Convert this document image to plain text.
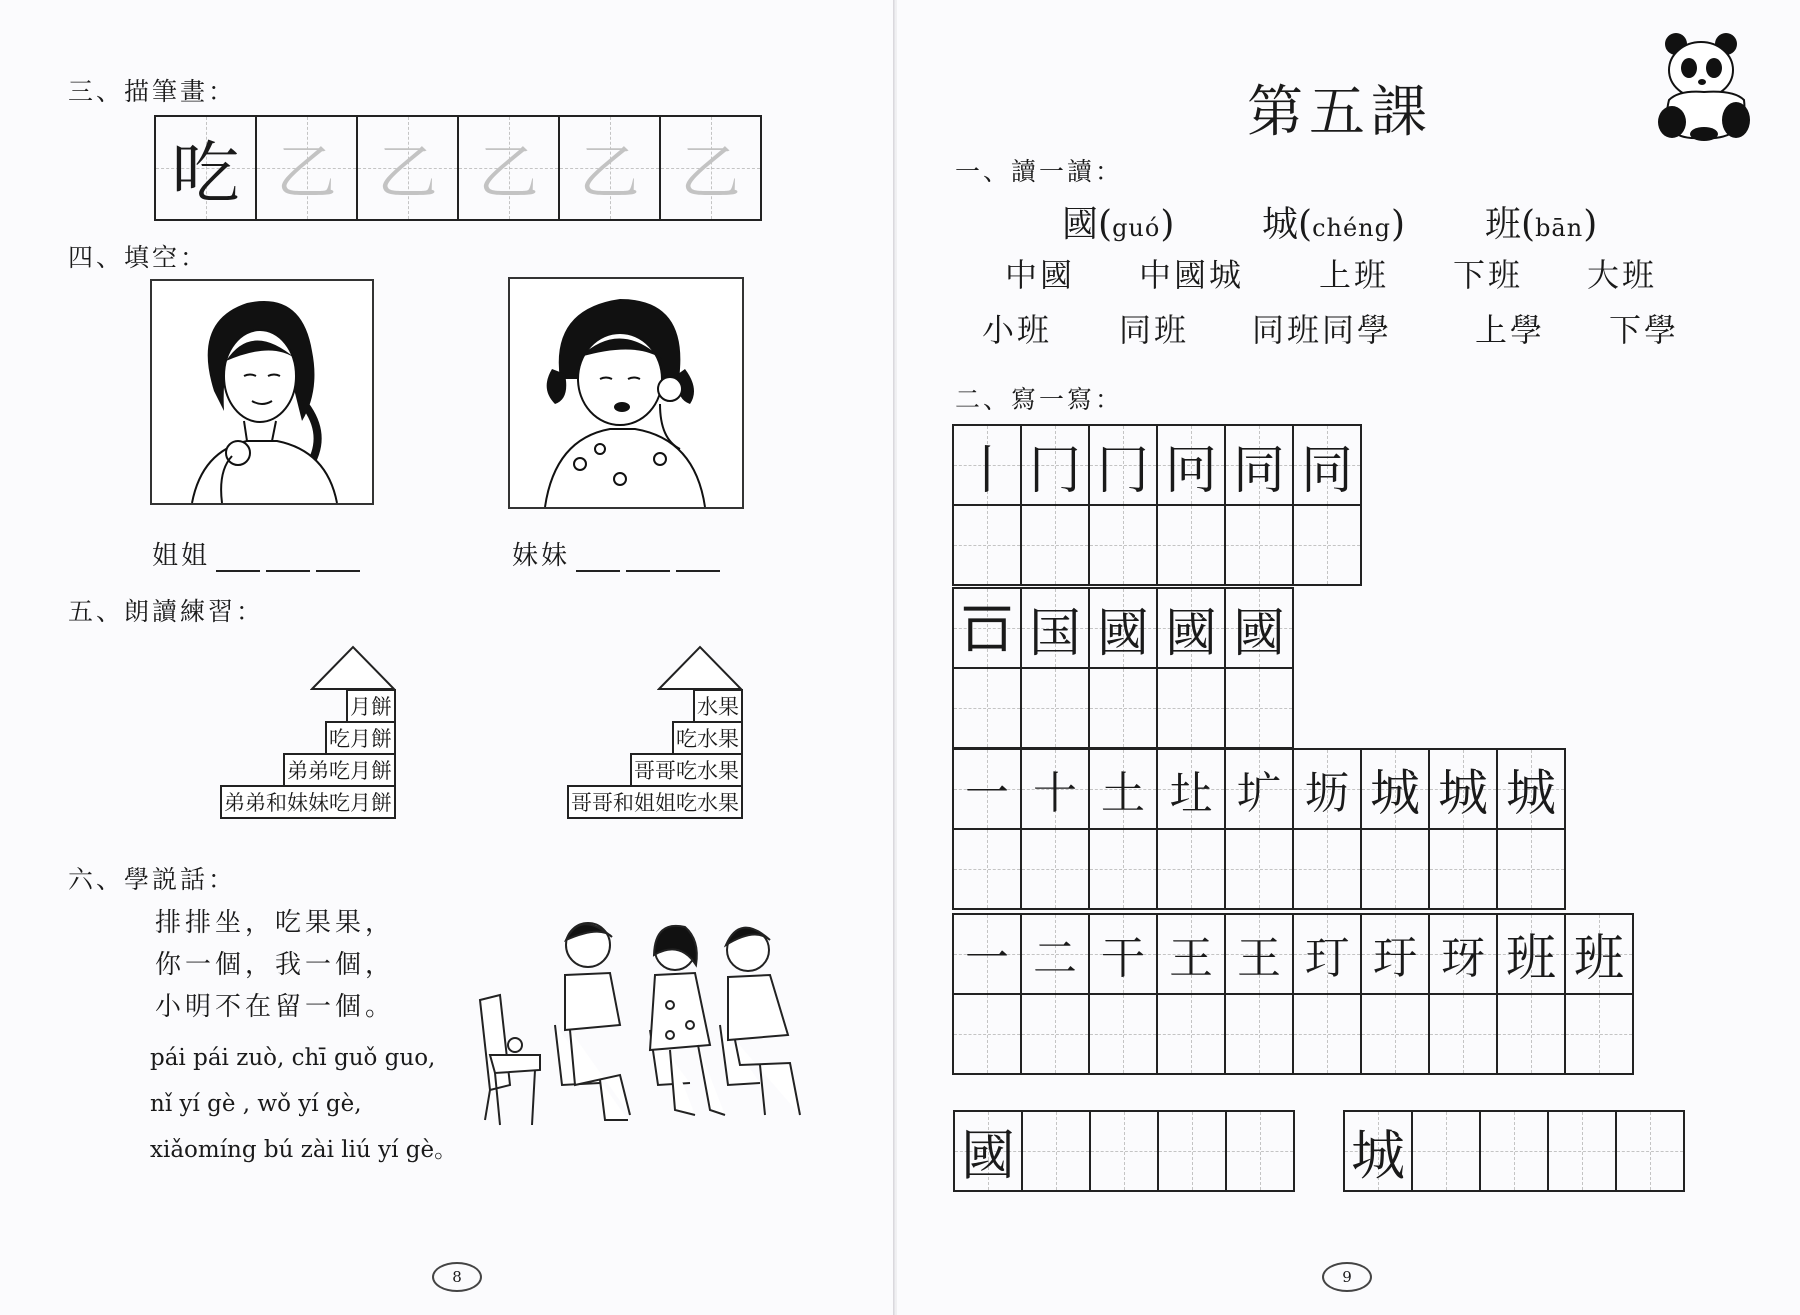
三、描筆畫：
吃	乙	乙	乙	乙	乙
四、填空：
姐姐	妹妹
五、朗讀練習：
月餅
吃月餅
弟弟吃月餅
弟弟和妹妹吃月餅
水果
吃水果
哥哥吃水果
哥哥和姐姐吃水果
六、學説話：
排排坐，吃果果，
你一個，我一個，
小明不在留一個。
pái pái zuò, chī guǒ guo,
nǐ yí gè , wǒ yí gè,
xiǎomíng bú zài liú yí gè。
8
第五課
一、讀一讀：
國(guó) 城(chéng) 班(bān)
中國 中國城 上班 下班 大班
小班 同班 同班同學	上學 下學
二、寫一寫：
丨	冂	冂	冋	同	同

𠮛	国	國	國	國

一	十	土	圵	圹	坜	城	城	城

一	二	干	王	王	玎	玗	玡	班	班

國					城				
9
